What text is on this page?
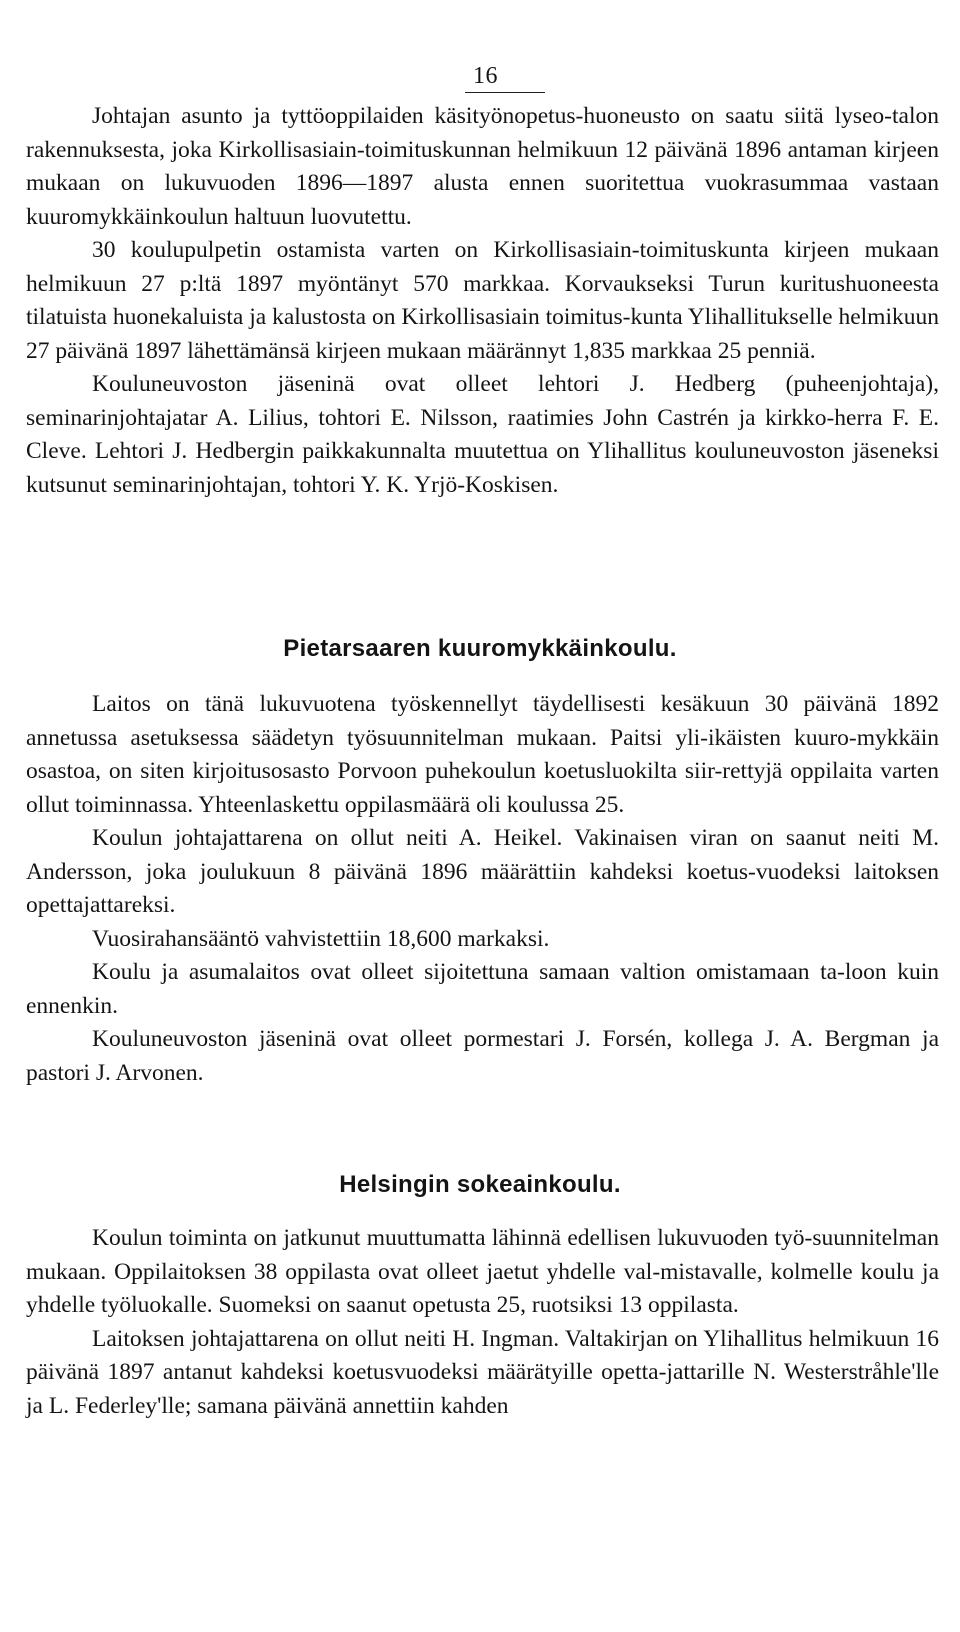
16

Johtajan asunto ja tyttöoppilaiden käsityönopetus-huoneusto on saatu siitä lyseo-talon rakennuksesta, joka Kirkollisasiain-toimituskunnan helmikuun 12 päivänä 1896 antaman kirjeen mukaan on lukuvuoden 1896—1897 alusta ennen suoritettua vuokrasummaa vastaan kuuromykkäinkoulun haltuun luovutettu.

30 koulupulpetin ostamista varten on Kirkollisasiain-toimituskunta kirjeen mukaan helmikuun 27 p:ltä 1897 myöntänyt 570 markkaa. Korvaukseksi Turun kuritushuoneesta tilatuista huonekaluista ja kalustosta on Kirkollisasiain toimitus-kunta Ylihallitukselle helmikuun 27 päivänä 1897 lähettämänsä kirjeen mukaan määrännyt 1,835 markkaa 25 penniä.

Kouluneuvoston jäseninä ovat olleet lehtori J. Hedberg (puheenjohtaja), seminarinjohtajatar A. Lilius, tohtori E. Nilsson, raatimies John Castrén ja kirkko-herra F. E. Cleve. Lehtori J. Hedbergin paikkakunnalta muutettua on Ylihallitus kouluneuvoston jäseneksi kutsunut seminarinjohtajan, tohtori Y. K. Yrjö-Koskisen.

Pietarsaaren kuuromykkäinkoulu.

Laitos on tänä lukuvuotena työskennellyt täydellisesti kesäkuun 30 päivänä 1892 annetussa asetuksessa säädetyn työsuunnitelman mukaan. Paitsi yli-ikäisten kuuro-mykkäin osastoa, on siten kirjoitusosasto Porvoon puhekoulun koetusluokilta siir-rettyjä oppilaita varten ollut toiminnassa. Yhteenlaskettu oppilasmäärä oli koulussa 25.

Koulun johtajattarena on ollut neiti A. Heikel. Vakinaisen viran on saanut neiti M. Andersson, joka joulukuun 8 päivänä 1896 määrättiin kahdeksi koetus-vuodeksi laitoksen opettajattareksi.

Vuosirahansääntö vahvistettiin 18,600 markaksi.

Koulu ja asumalaitos ovat olleet sijoitettuna samaan valtion omistamaan ta-loon kuin ennenkin.

Kouluneuvoston jäseninä ovat olleet pormestari J. Forsén, kollega J. A. Bergman ja pastori J. Arvonen.

Helsingin sokeainkoulu.

Koulun toiminta on jatkunut muuttumatta lähinnä edellisen lukuvuoden työ-suunnitelman mukaan. Oppilaitoksen 38 oppilasta ovat olleet jaetut yhdelle val-mistavalle, kolmelle koulu ja yhdelle työluokalle. Suomeksi on saanut opetusta 25, ruotsiksi 13 oppilasta.

Laitoksen johtajattarena on ollut neiti H. Ingman. Valtakirjan on Ylihallitus helmikuun 16 päivänä 1897 antanut kahdeksi koetusvuodeksi määrätyille opetta-jattarille N. Westerstråhle'lle ja L. Federley'lle; samana päivänä annettiin kahden
